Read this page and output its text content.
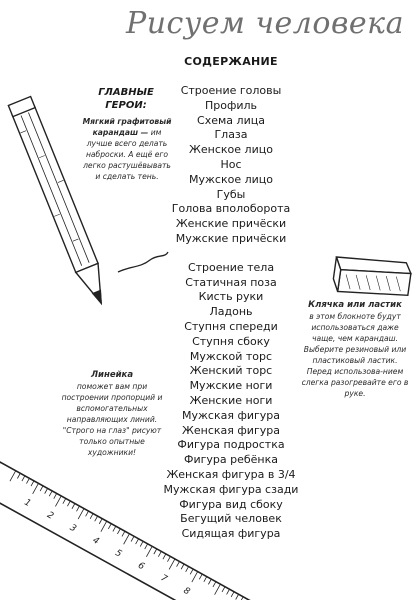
Рисуем человека
СОДЕРЖАНИЕ
Строение головы
Профиль
Схема лица
Глаза
Женское лицо
Нос
Мужское лицо
Губы
Голова вполоборота
Женские причёски
Мужские причёски
Строение тела
Статичная поза
Кисть руки
Ладонь
Ступня спереди
Ступня сбоку
Мужской торс
Женский торс
Мужские ноги
Женские ноги
Мужская фигура
Женская фигура
Фигура подростка
Фигура ребёнка
Женская фигура в 3/4
Мужская фигура сзади
Фигура вид сбоку
Бегущий человек
Сидящая фигура
ГЛАВНЫЕ
ГЕРОИ:
Мягкий графитовый карандаш — им лучше всего делать наброски. А ещё его легко растушёвывать и сделать тень.
Клячка или ластик
в этом блокноте будут использоваться даже чаще, чем карандаш. Выберите резиновый или пластиковый ластик. Перед использова-нием слегка разогревайте его в руке.
Линейка
поможет вам при построении пропорций и вспомогательных направляющих линий. "Строго на глаз" рисуют только опытные художники!
1
2
3
4
5
6
7
8
